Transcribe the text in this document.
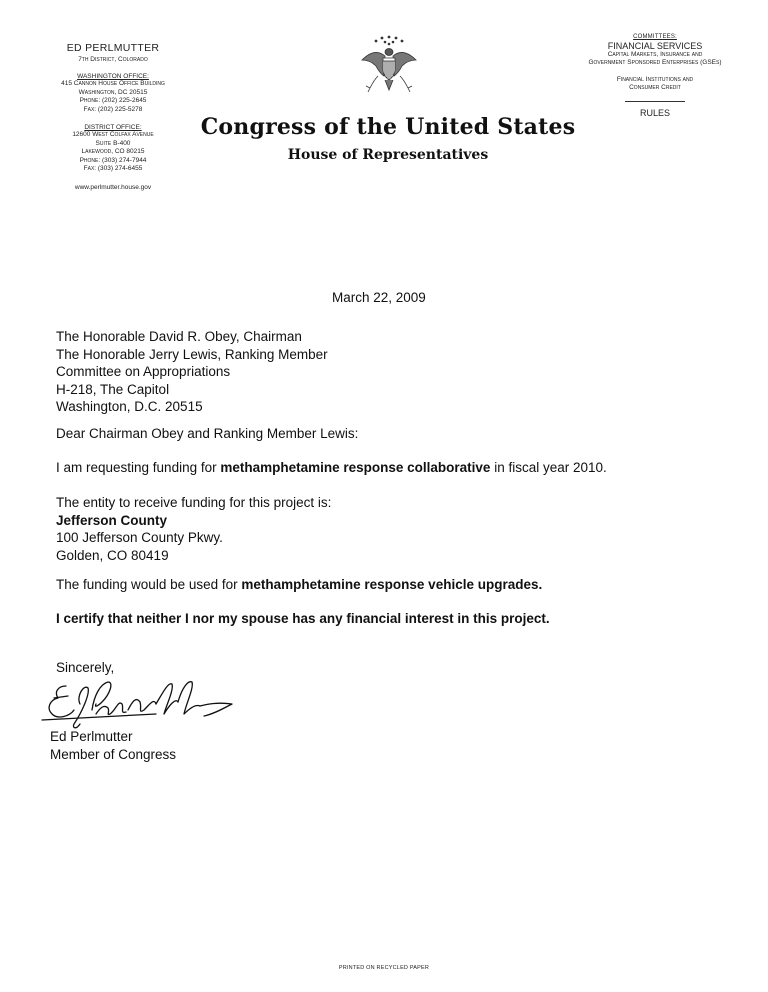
ED PERLMUTTER
7th District, Colorado
WASHINGTON OFFICE:
415 Cannon House Office Building
Washington, DC 20515
Phone: (202) 225-2645
Fax: (202) 225-5278
DISTRICT OFFICE:
12600 West Colfax Avenue
Suite B-400
Lakewood, CO 80215
Phone: (303) 274-7944
Fax: (303) 274-6455
www.perlmutter.house.gov
Congress of the United States
House of Representatives
COMMITTEES:
FINANCIAL SERVICES
Capital Markets, Insurance and
Government Sponsored Enterprises (GSEs)
Financial Institutions and
Consumer Credit
RULES
March 22, 2009
The Honorable David R. Obey, Chairman
The Honorable Jerry Lewis, Ranking Member
Committee on Appropriations
H-218, The Capitol
Washington, D.C. 20515
Dear Chairman Obey and Ranking Member Lewis:
I am requesting funding for methamphetamine response collaborative in fiscal year 2010.
The entity to receive funding for this project is:
Jefferson County
100 Jefferson County Pkwy.
Golden, CO 80419
The funding would be used for methamphetamine response vehicle upgrades.
I certify that neither I nor my spouse has any financial interest in this project.
Sincerely,
Ed Perlmutter
Member of Congress
PRINTED ON RECYCLED PAPER
